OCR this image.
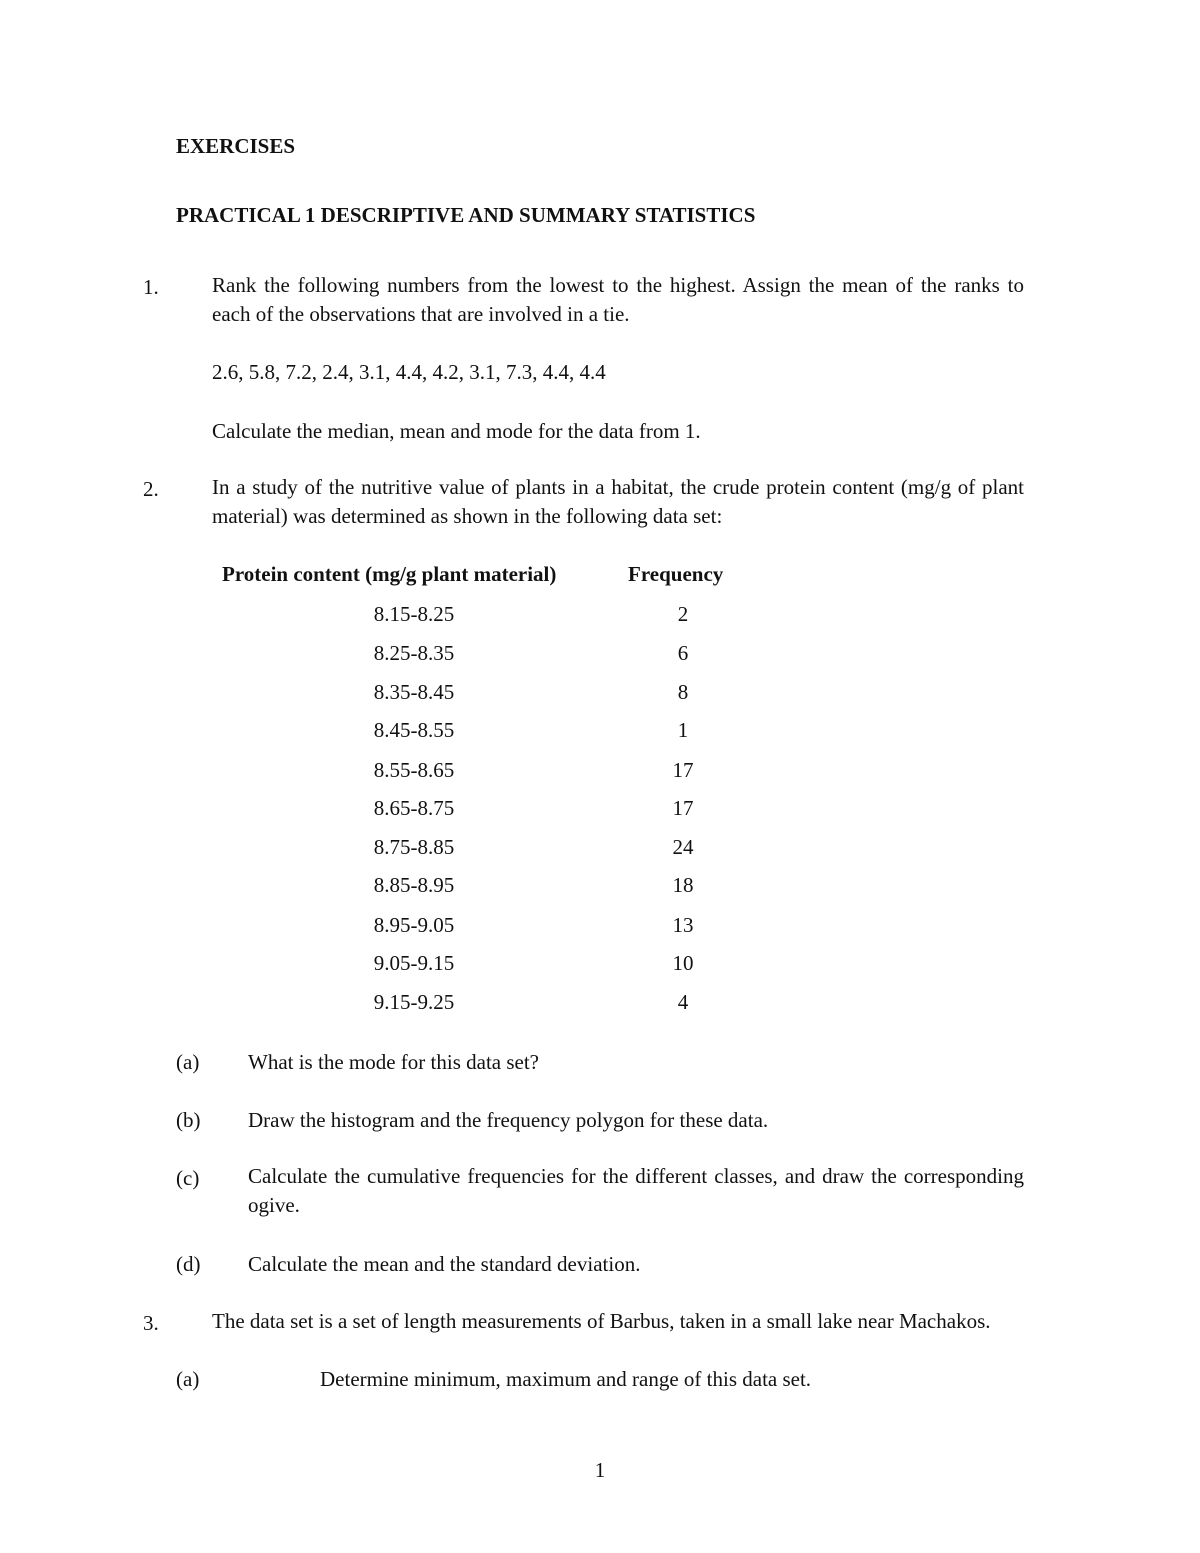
EXERCISES
PRACTICAL 1 DESCRIPTIVE AND SUMMARY STATISTICS
1.	Rank the following numbers from the lowest to the highest. Assign the mean of the ranks to each of the observations that are involved in a tie.
2.6, 5.8, 7.2, 2.4, 3.1, 4.4, 4.2, 3.1, 7.3, 4.4, 4.4
Calculate the median, mean and mode for the data from 1.
2.	In a study of the nutritive value of plants in a habitat, the crude protein content (mg/g of plant material) was determined as shown in the following data set:
Protein content (mg/g plant material)	Frequency
8.15-8.25	2
8.25-8.35	6
8.35-8.45	8
8.45-8.55	1
8.55-8.65	17
8.65-8.75	17
8.75-8.85	24
8.85-8.95	18
8.95-9.05	13
9.05-9.15	10
9.15-9.25	4
(a) What is the mode for this data set?
(b) Draw the histogram and the frequency polygon for these data.
(c) Calculate the cumulative frequencies for the different classes, and draw the corresponding ogive.
(d) Calculate the mean and the standard deviation.
3.	The data set is a set of length measurements of Barbus, taken in a small lake near Machakos.
(a)	Determine minimum, maximum and range of this data set.
1
